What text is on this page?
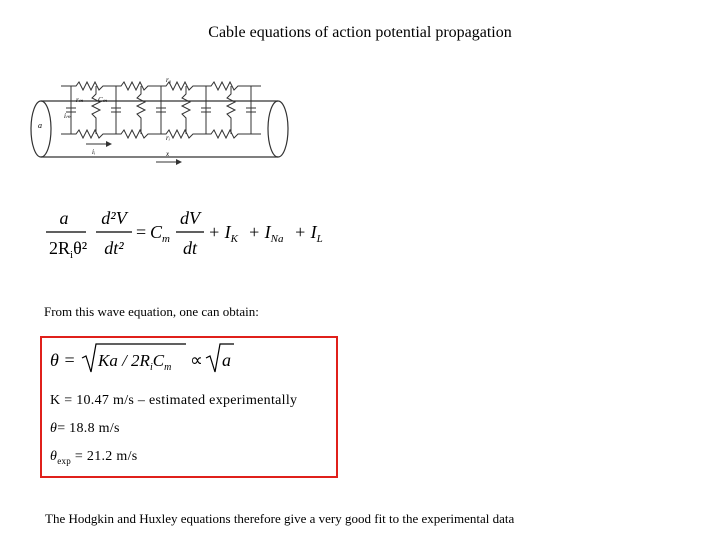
Cable equations of action potential propagation
r₀
rₘ Cₘ
iₘ
a
rᵢ
iᵢ	x
a
$2R_i\theta^2$
d²V
dt²
= $C_m$
dV
dt
+ $I_K + I_{Na} + I_L$
From this wave equation, one can obtain:
$\theta = Ka / 2R_iC_m \propto a$
K = 10.47 m/s – estimated experimentally
θ= 18.8 m/s
$\theta_{exp} = 21.2$ m/s
The Hodgkin and Huxley equations therefore give a very good fit to the experimental data
